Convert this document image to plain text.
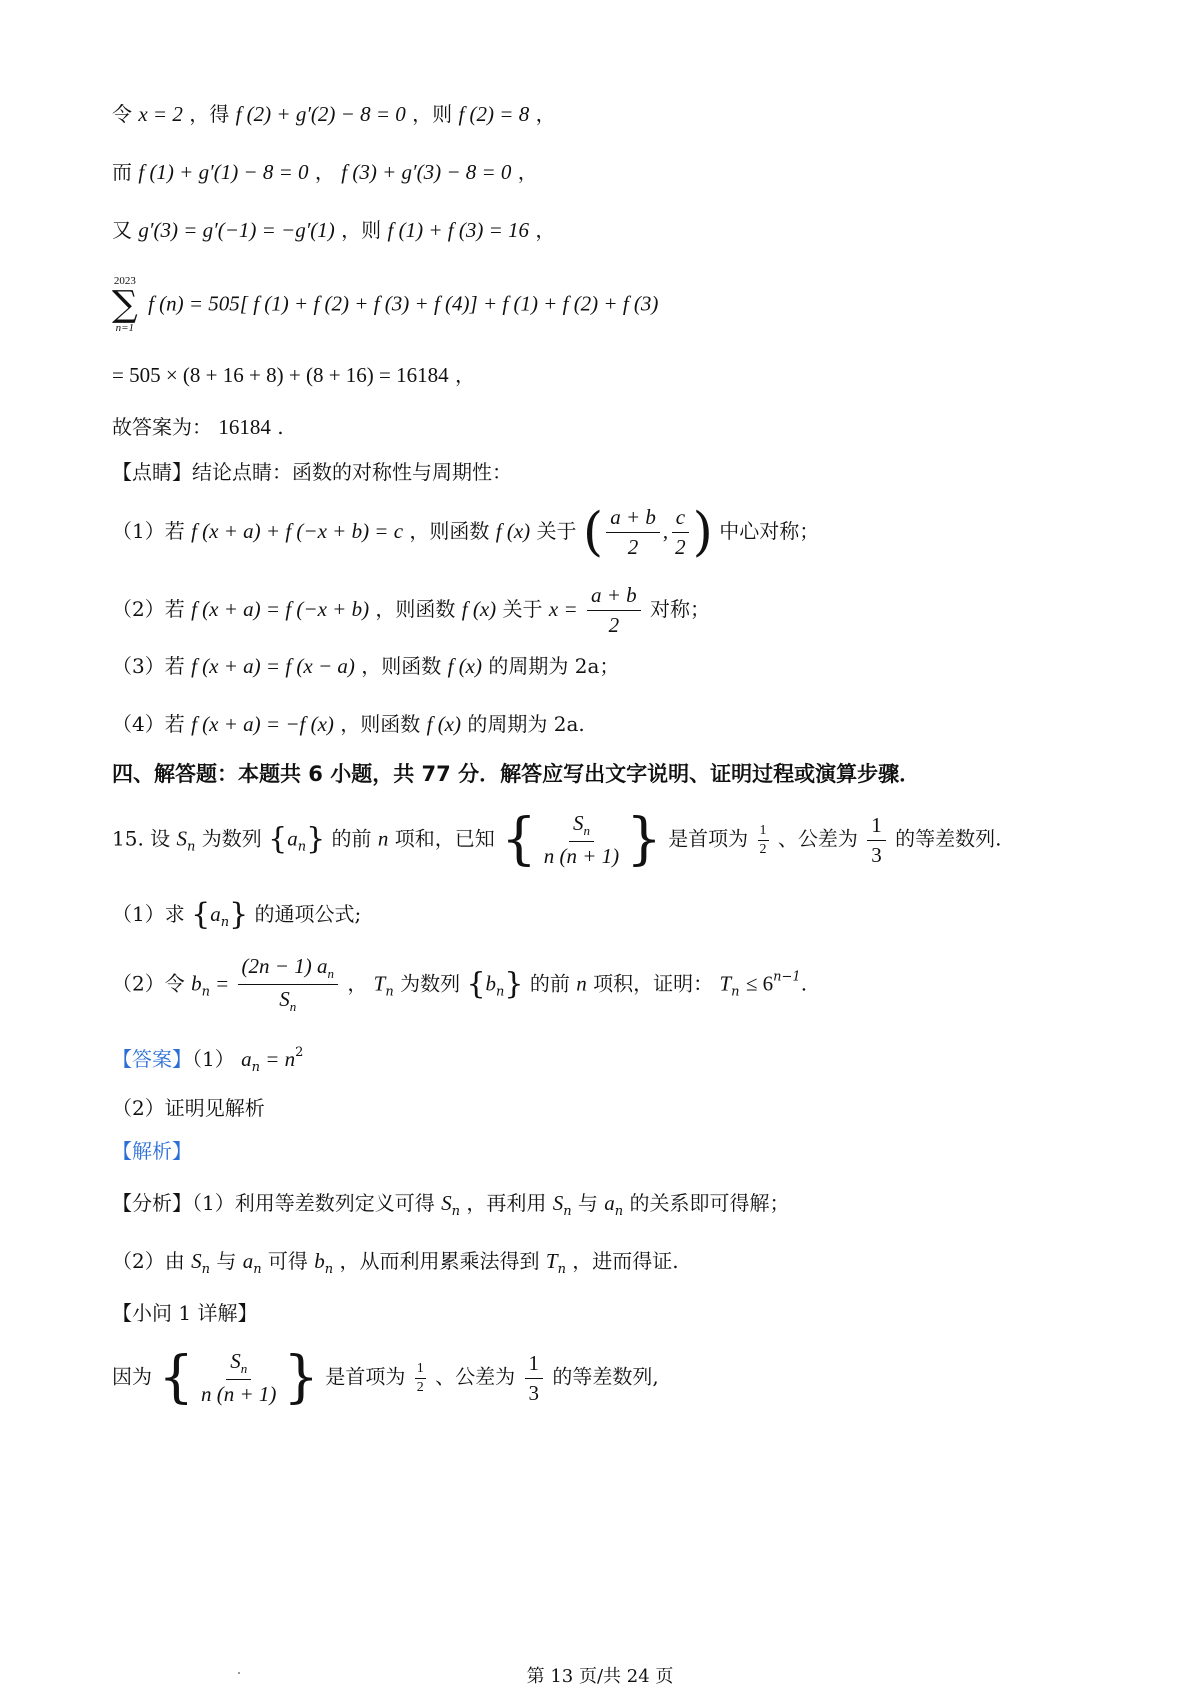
令 x = 2 ，得 f (2) + g′(2) − 8 = 0 ，则 f (2) = 8 ，
而 f (1) + g′(1) − 8 = 0 ， f (3) + g′(3) − 8 = 0 ，
又 g′(3) = g′(−1) = −g′(1) ，则 f (1) + f (3) = 16 ，
2023
∑
n=1
f (n) = 505[ f (1) + f (2) + f (3) + f (4)] + f (1) + f (2) + f (3)
= 505 × (8 + 16 + 8) + (8 + 16) = 16184 ，
故答案为： 16184 .
【点睛】结论点睛：函数的对称性与周期性：
（1）若 f (x + a) + f (−x + b) = c ，则函数 f (x) 关于 ( $\frac{a + b}{2}$ , $\frac{c}{2}$ ) 中心对称；
（2）若 f (x + a) = f (−x + b) ，则函数 f (x) 关于 $x = \frac{a + b}{2}$ 对称；
（3）若 f (x + a) = f (x − a) ，则函数 f (x) 的周期为 2a；
（4）若 f (x + a) = −f (x) ，则函数 f (x) 的周期为 2a.
四、解答题：本题共 6 小题，共 77 分．解答应写出文字说明、证明过程或演算步骤．
15. 设 $S_n$ 为数列 $\{a_n\}$ 的前 n 项和，已知 { $\frac{S_n}{n (n + 1)}$ } 是首项为 $\frac{1}{2}$ 、公差为 $\frac{1}{3}$ 的等差数列.
（1）求 $\{a_n\}$ 的通项公式;
（2）令 $b_n = \frac{(2n - 1) a_n}{S_n}$ ， $T_n$ 为数列 $\{b_n\}$ 的前 n 项积，证明： $T_n \le 6^{n-1}$.
【答案】（1） $a_n = n^2$
（2）证明见解析
【解析】
【分析】（1）利用等差数列定义可得 $S_n$ ，再利用 $S_n$ 与 $a_n$ 的关系即可得解；
（2）由 $S_n$ 与 $a_n$ 可得 $b_n$ ，从而利用累乘法得到 $T_n$ ，进而得证.
【小问 1 详解】
因为 { $\frac{S_n}{n (n + 1)}$ } 是首项为 $\frac{1}{2}$ 、公差为 $\frac{1}{3}$ 的等差数列,
第 13 页/共 24 页
